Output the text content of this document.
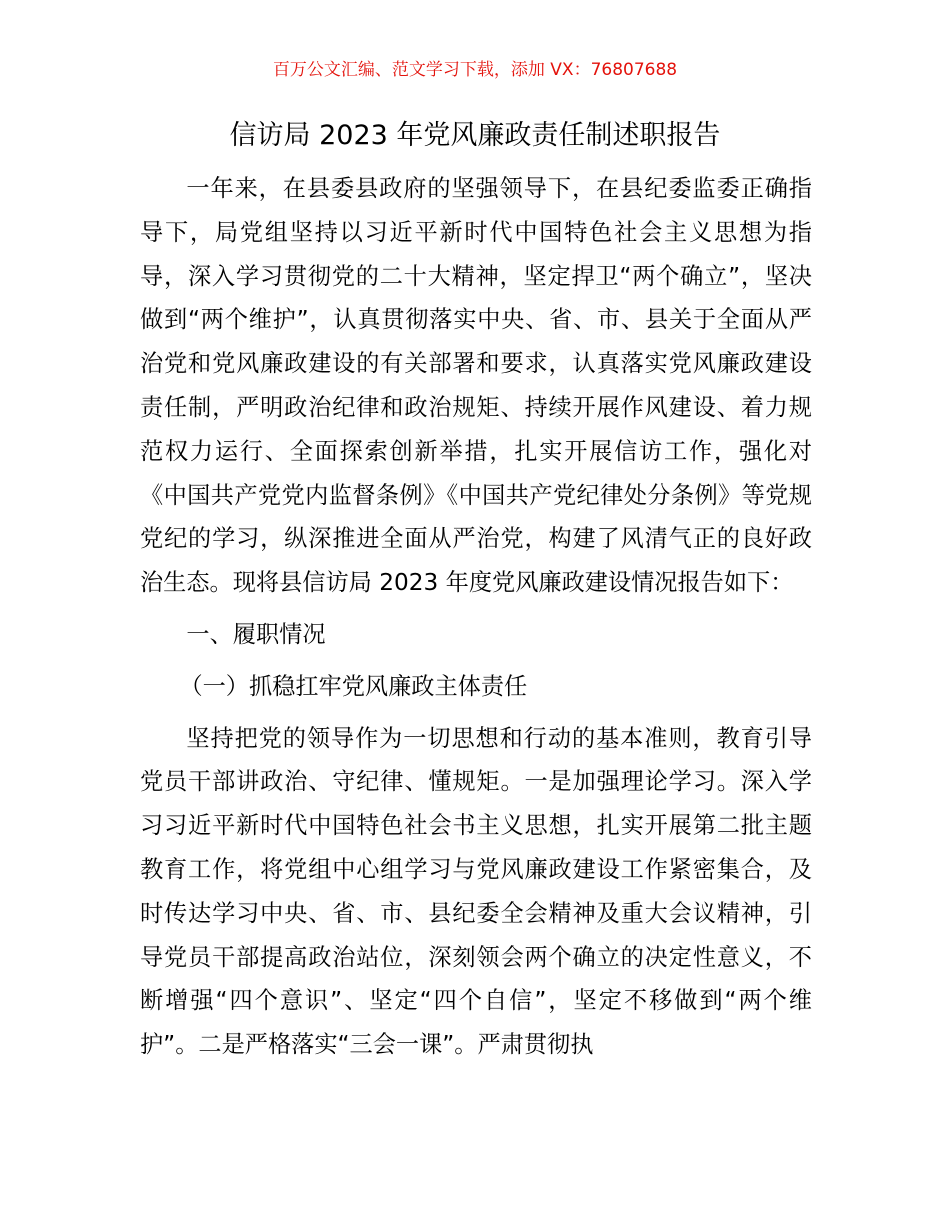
百万公文汇编、范文学习下载，添加 VX：76807688
信访局 2023 年党风廉政责任制述职报告

一年来，在县委县政府的坚强领导下，在县纪委监委正确指导下，局党组坚持以习近平新时代中国特色社会主义思想为指导，深入学习贯彻党的二十大精神，坚定捍卫“两个确立”，坚决做到“两个维护”，认真贯彻落实中央、省、市、县关于全面从严治党和党风廉政建设的有关部署和要求，认真落实党风廉政建设责任制，严明政治纪律和政治规矩、持续开展作风建设、着力规范权力运行、全面探索创新举措，扎实开展信访工作，强化对《中国共产党党内监督条例》《中国共产党纪律处分条例》等党规党纪的学习，纵深推进全面从严治党，构建了风清气正的良好政治生态。现将县信访局 2023 年度党风廉政建设情况报告如下：

一、履职情况
（一）抓稳扛牢党风廉政主体责任

坚持把党的领导作为一切思想和行动的基本准则，教育引导党员干部讲政治、守纪律、懂规矩。一是加强理论学习。深入学习习近平新时代中国特色社会书主义思想，扎实开展第二批主题教育工作，将党组中心组学习与党风廉政建设工作紧密集合，及时传达学习中央、省、市、县纪委全会精神及重大会议精神，引导党员干部提高政治站位，深刻领会两个确立的决定性意义，不断增强“四个意识”、坚定“四个自信”，坚定不移做到“两个维护”。二是严格落实“三会一课”。严肃贯彻执
